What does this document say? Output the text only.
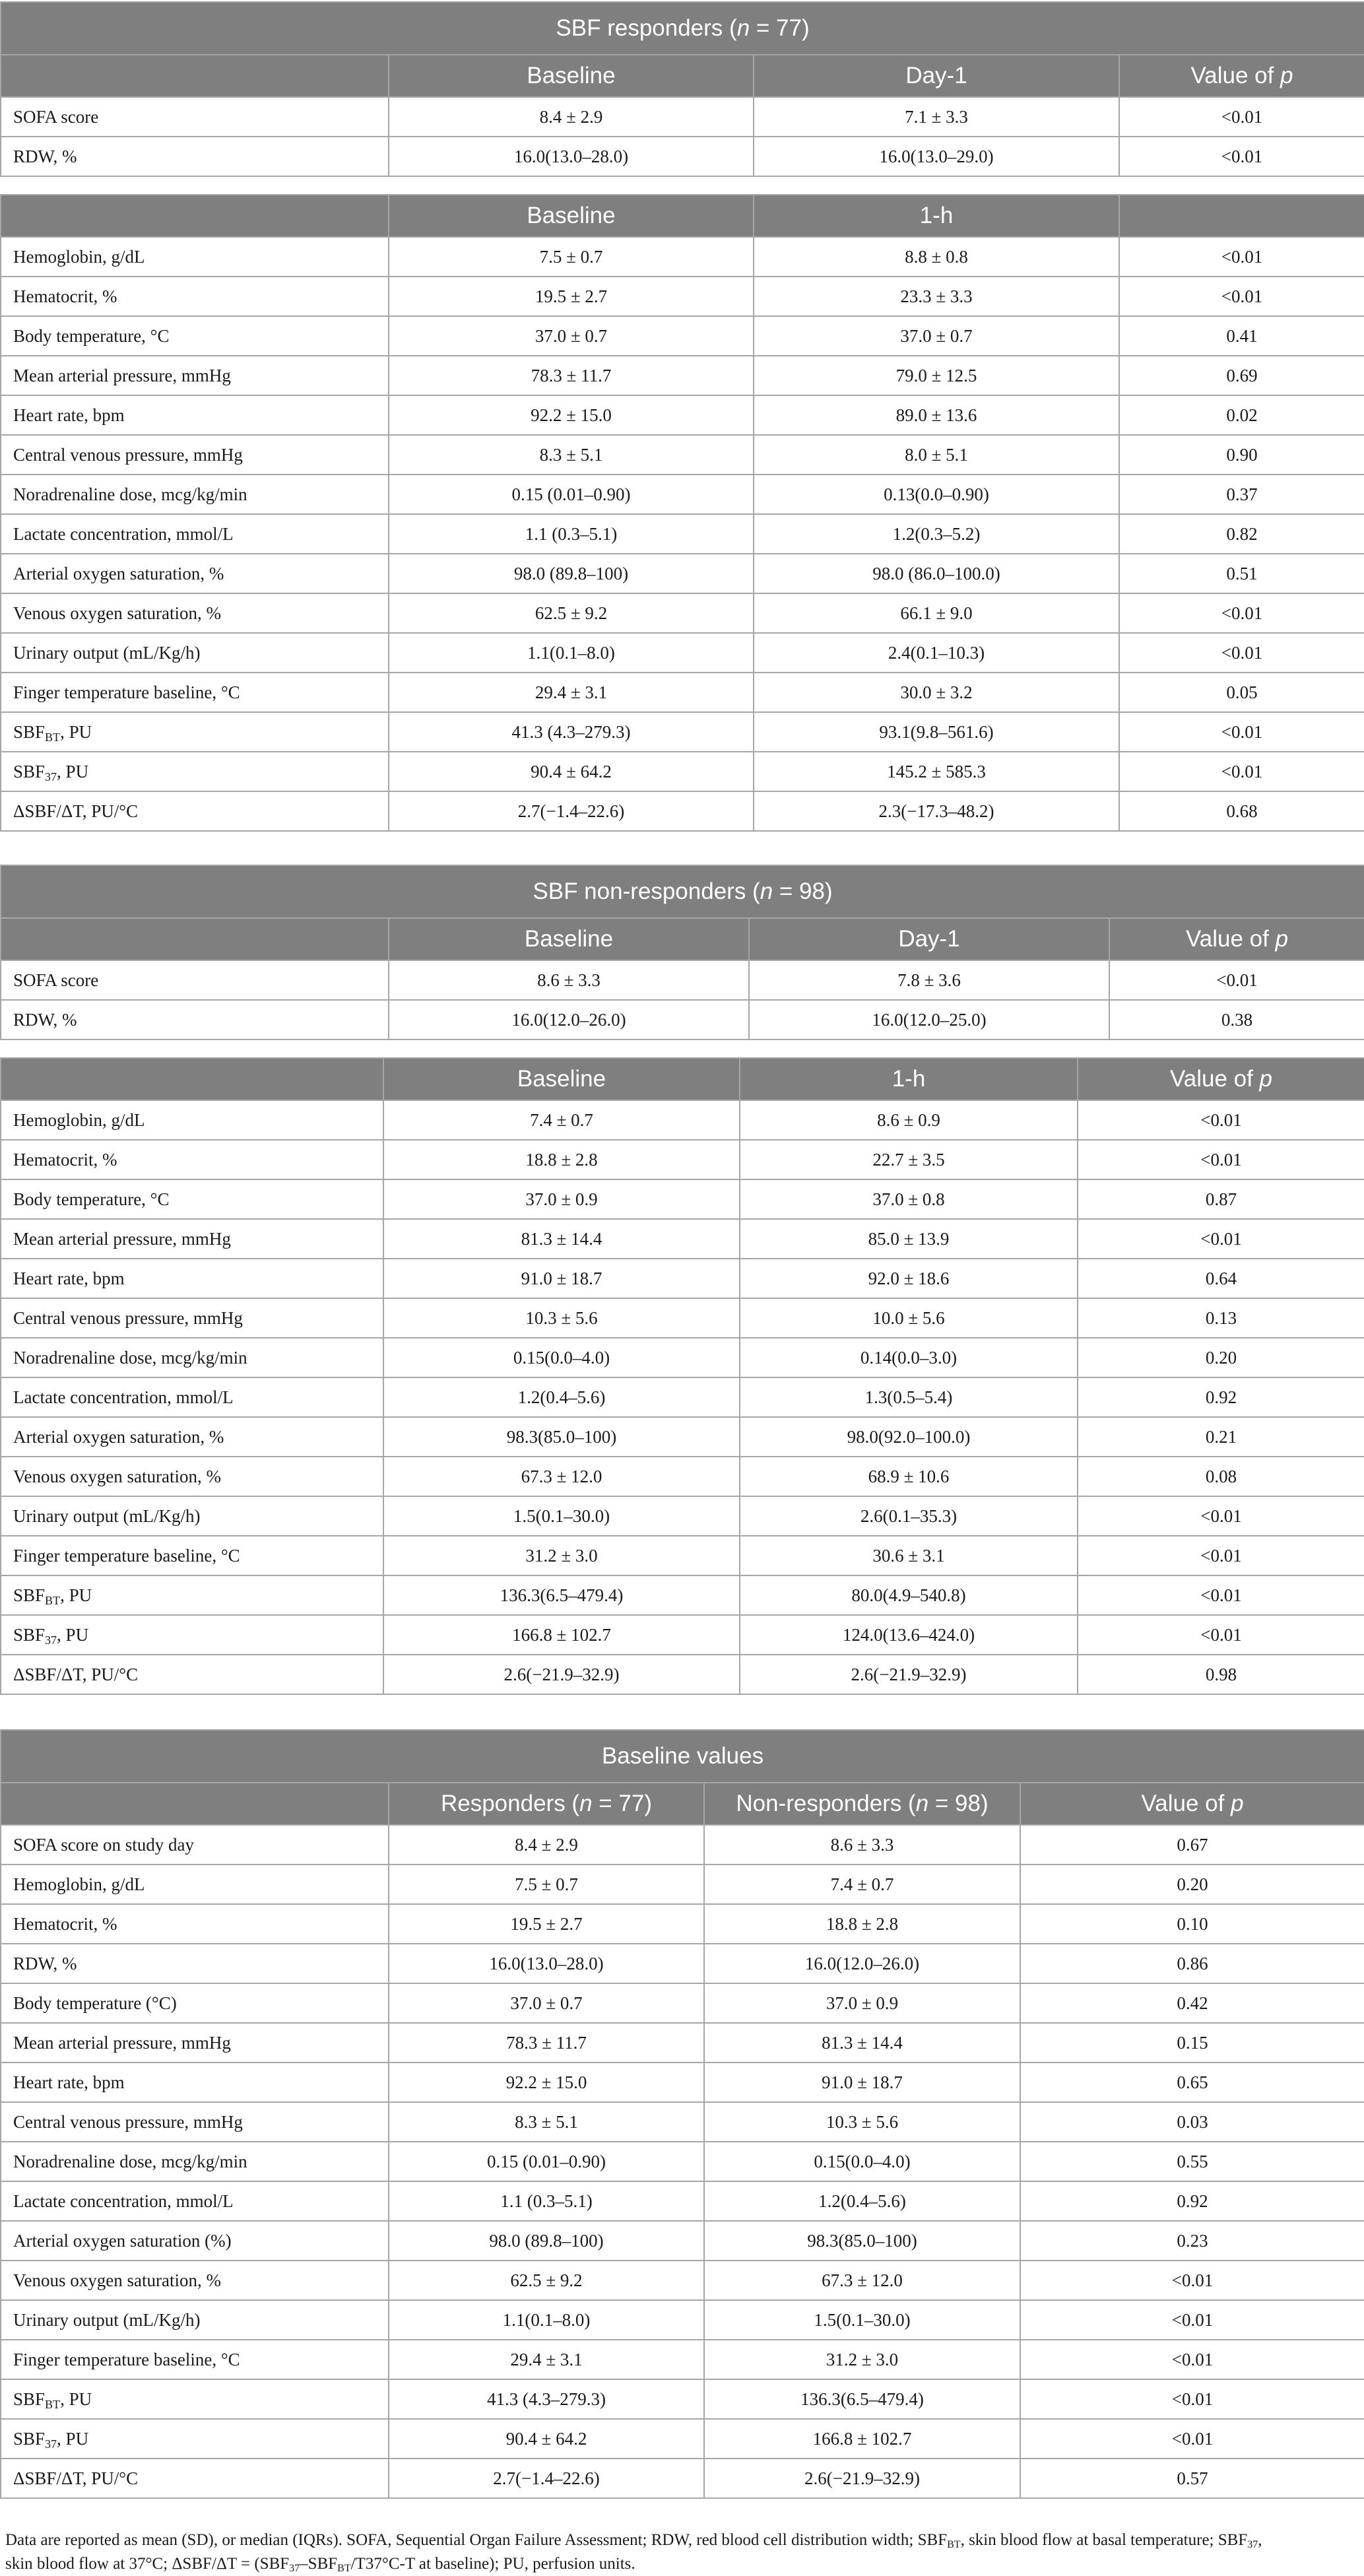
SBF responders (n = 77)			
	Baseline	Day-1	Value of p
SOFA score	8.4 ± 2.9	7.1 ± 3.3	<0.01
RDW, %	16.0(13.0–28.0)	16.0(13.0–29.0)	<0.01
	Baseline	1-h	
Hemoglobin, g/dL	7.5 ± 0.7	8.8 ± 0.8	<0.01
Hematocrit, %	19.5 ± 2.7	23.3 ± 3.3	<0.01
Body temperature, °C	37.0 ± 0.7	37.0 ± 0.7	0.41
Mean arterial pressure, mmHg	78.3 ± 11.7	79.0 ± 12.5	0.69
Heart rate, bpm	92.2 ± 15.0	89.0 ± 13.6	0.02
Central venous pressure, mmHg	8.3 ± 5.1	8.0 ± 5.1	0.90
Noradrenaline dose, mcg/kg/min	0.15 (0.01–0.90)	0.13(0.0–0.90)	0.37
Lactate concentration, mmol/L	1.1 (0.3–5.1)	1.2(0.3–5.2)	0.82
Arterial oxygen saturation, %	98.0 (89.8–100)	98.0 (86.0–100.0)	0.51
Venous oxygen saturation, %	62.5 ± 9.2	66.1 ± 9.0	<0.01
Urinary output (mL/Kg/h)	1.1(0.1–8.0)	2.4(0.1–10.3)	<0.01
Finger temperature baseline, °C	29.4 ± 3.1	30.0 ± 3.2	0.05
$SBF_{BT}$, PU	41.3 (4.3–279.3)	93.1(9.8–561.6)	<0.01
$SBF_{37}$, PU	90.4 ± 64.2	145.2 ± 585.3	<0.01
ΔSBF/ΔT, PU/°C	2.7(−1.4–22.6)	2.3(−17.3–48.2)	0.68
SBF non-responders (n = 98)			
	Baseline	Day-1	Value of p
SOFA score	8.6 ± 3.3	7.8 ± 3.6	<0.01
RDW, %	16.0(12.0–26.0)	16.0(12.0–25.0)	0.38
	Baseline	1-h	Value of p
Hemoglobin, g/dL	7.4 ± 0.7	8.6 ± 0.9	<0.01
Hematocrit, %	18.8 ± 2.8	22.7 ± 3.5	<0.01
Body temperature, °C	37.0 ± 0.9	37.0 ± 0.8	0.87
Mean arterial pressure, mmHg	81.3 ± 14.4	85.0 ± 13.9	<0.01
Heart rate, bpm	91.0 ± 18.7	92.0 ± 18.6	0.64
Central venous pressure, mmHg	10.3 ± 5.6	10.0 ± 5.6	0.13
Noradrenaline dose, mcg/kg/min	0.15(0.0–4.0)	0.14(0.0–3.0)	0.20
Lactate concentration, mmol/L	1.2(0.4–5.6)	1.3(0.5–5.4)	0.92
Arterial oxygen saturation, %	98.3(85.0–100)	98.0(92.0–100.0)	0.21
Venous oxygen saturation, %	67.3 ± 12.0	68.9 ± 10.6	0.08
Urinary output (mL/Kg/h)	1.5(0.1–30.0)	2.6(0.1–35.3)	<0.01
Finger temperature baseline, °C	31.2 ± 3.0	30.6 ± 3.1	<0.01
$SBF_{BT}$, PU	136.3(6.5–479.4)	80.0(4.9–540.8)	<0.01
$SBF_{37}$, PU	166.8 ± 102.7	124.0(13.6–424.0)	<0.01
ΔSBF/ΔT, PU/°C	2.6(−21.9–32.9)	2.6(−21.9–32.9)	0.98
Baseline values			
	Responders (n = 77)	Non-responders (n = 98)	Value of p
SOFA score on study day	8.4 ± 2.9	8.6 ± 3.3	0.67
Hemoglobin, g/dL	7.5 ± 0.7	7.4 ± 0.7	0.20
Hematocrit, %	19.5 ± 2.7	18.8 ± 2.8	0.10
RDW, %	16.0(13.0–28.0)	16.0(12.0–26.0)	0.86
Body temperature (°C)	37.0 ± 0.7	37.0 ± 0.9	0.42
Mean arterial pressure, mmHg	78.3 ± 11.7	81.3 ± 14.4	0.15
Heart rate, bpm	92.2 ± 15.0	91.0 ± 18.7	0.65
Central venous pressure, mmHg	8.3 ± 5.1	10.3 ± 5.6	0.03
Noradrenaline dose, mcg/kg/min	0.15 (0.01–0.90)	0.15(0.0–4.0)	0.55
Lactate concentration, mmol/L	1.1 (0.3–5.1)	1.2(0.4–5.6)	0.92
Arterial oxygen saturation (%)	98.0 (89.8–100)	98.3(85.0–100)	0.23
Venous oxygen saturation, %	62.5 ± 9.2	67.3 ± 12.0	<0.01
Urinary output (mL/Kg/h)	1.1(0.1–8.0)	1.5(0.1–30.0)	<0.01
Finger temperature baseline, °C	29.4 ± 3.1	31.2 ± 3.0	<0.01
$SBF_{BT}$, PU	41.3 (4.3–279.3)	136.3(6.5–479.4)	<0.01
$SBF_{37}$, PU	90.4 ± 64.2	166.8 ± 102.7	<0.01
ΔSBF/ΔT, PU/°C	2.7(−1.4–22.6)	2.6(−21.9–32.9)	0.57
Data are reported as mean (SD), or median (IQRs). SOFA, Sequential Organ Failure Assessment; RDW, red blood cell distribution width; $SBF_{BT}$, skin blood flow at basal temperature; $SBF_{37}$,
skin blood flow at 37°C; $\Delta SBF/\Delta T = (SBF_{37}-SBF_{BT}/T37^\circ C-T$ at baseline); PU, perfusion units.
